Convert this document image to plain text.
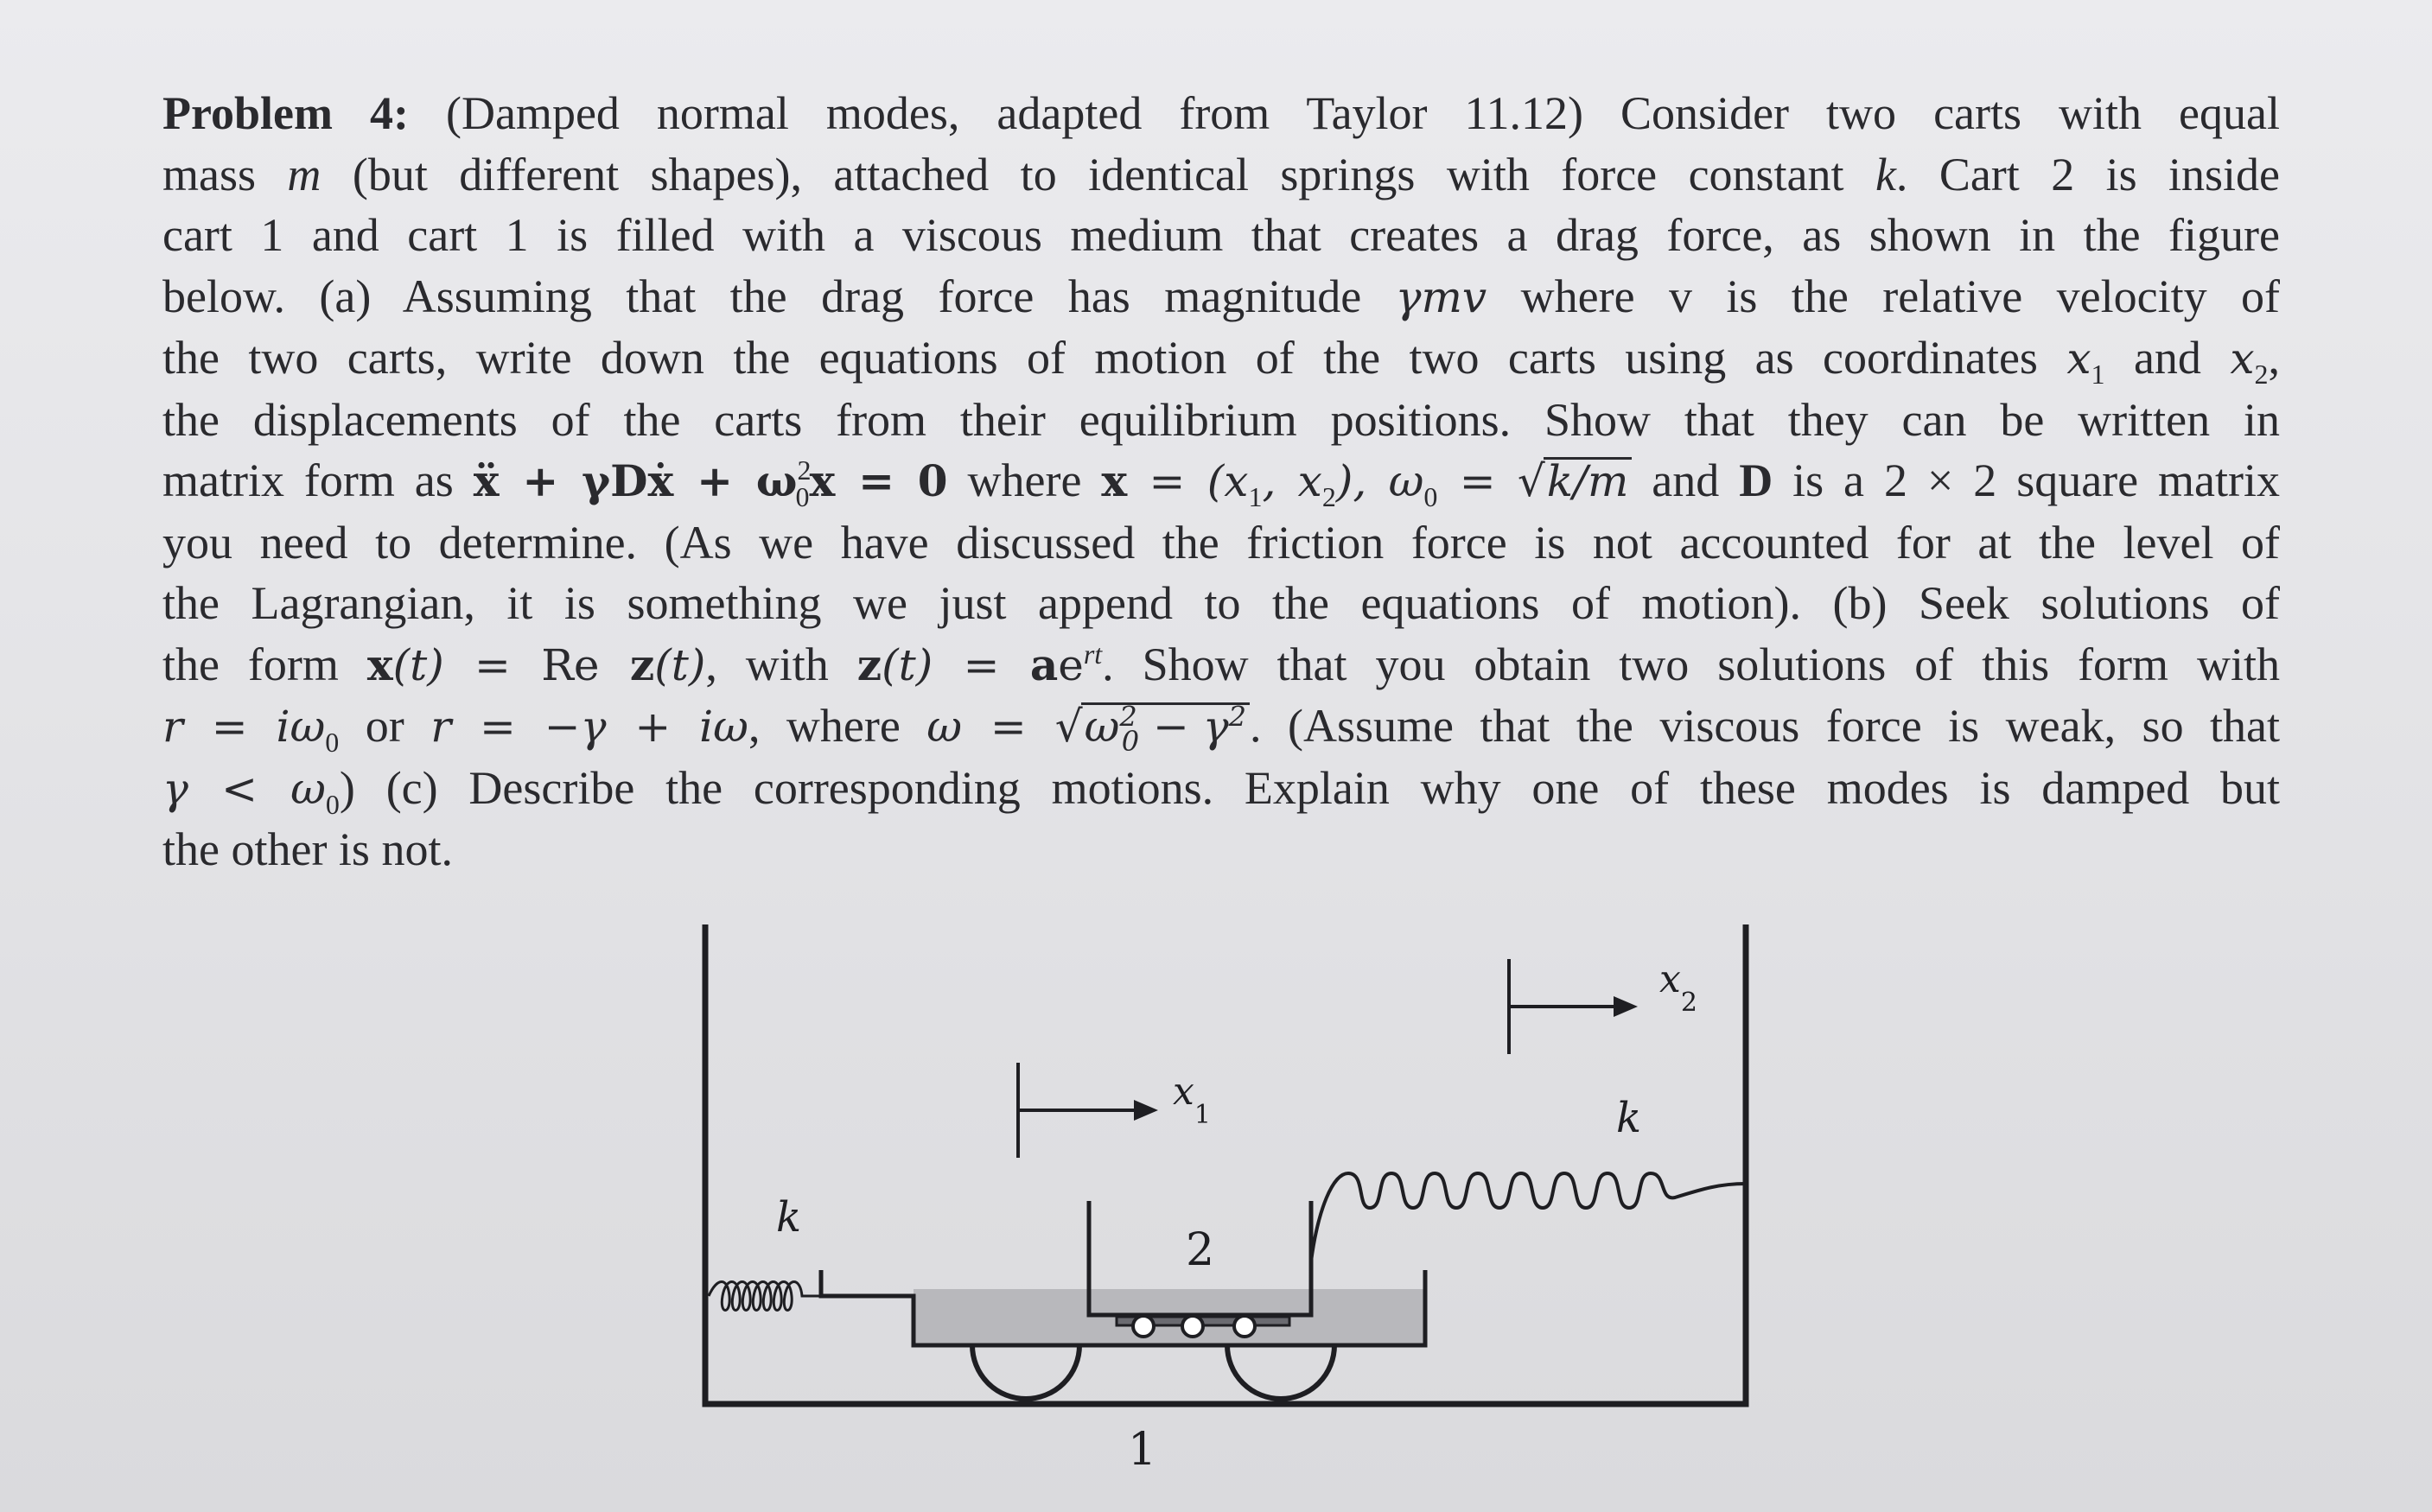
Problem 4: (Damped normal modes, adapted from Taylor 11.12) Consider two carts with equal
mass m (but different shapes), attached to identical springs with force constant k. Cart 2 is inside
cart 1 and cart 1 is filled with a viscous medium that creates a drag force, as shown in the figure
below. (a) Assuming that the drag force has magnitude γmv where v is the relative velocity of
the two carts, write down the equations of motion of the two carts using as coordinates $x_1$ and $x_2$,
the displacements of the carts from their equilibrium positions. Show that they can be written in
matrix form as ẍ + γDẋ + $\omega^2_0x = 0$ where $x = (x_1$, $x_2$), $\omega_0 = √k/m$ and D is a 2 × 2 square matrix
you need to determine. (As we have discussed the friction force is not accounted for at the level of
the Lagrangian, it is something we just append to the equations of motion). (b) Seek solutions of
the form x(t) = Re z(t), with $z(t) = ae^{rt}$. Show that you obtain two solutions of this form with
$r = i\omega_0$ or r = −γ + iω, where $\omega = √\omega^2_0 - \gamma^2$. (Assume that the viscous force is weak, so that
$\gamma < \omega_0$) (c) Describe the corresponding motions. Explain why one of these modes is damped but
the other is not.
k
2
k
$x_1$
$x_2$
1
